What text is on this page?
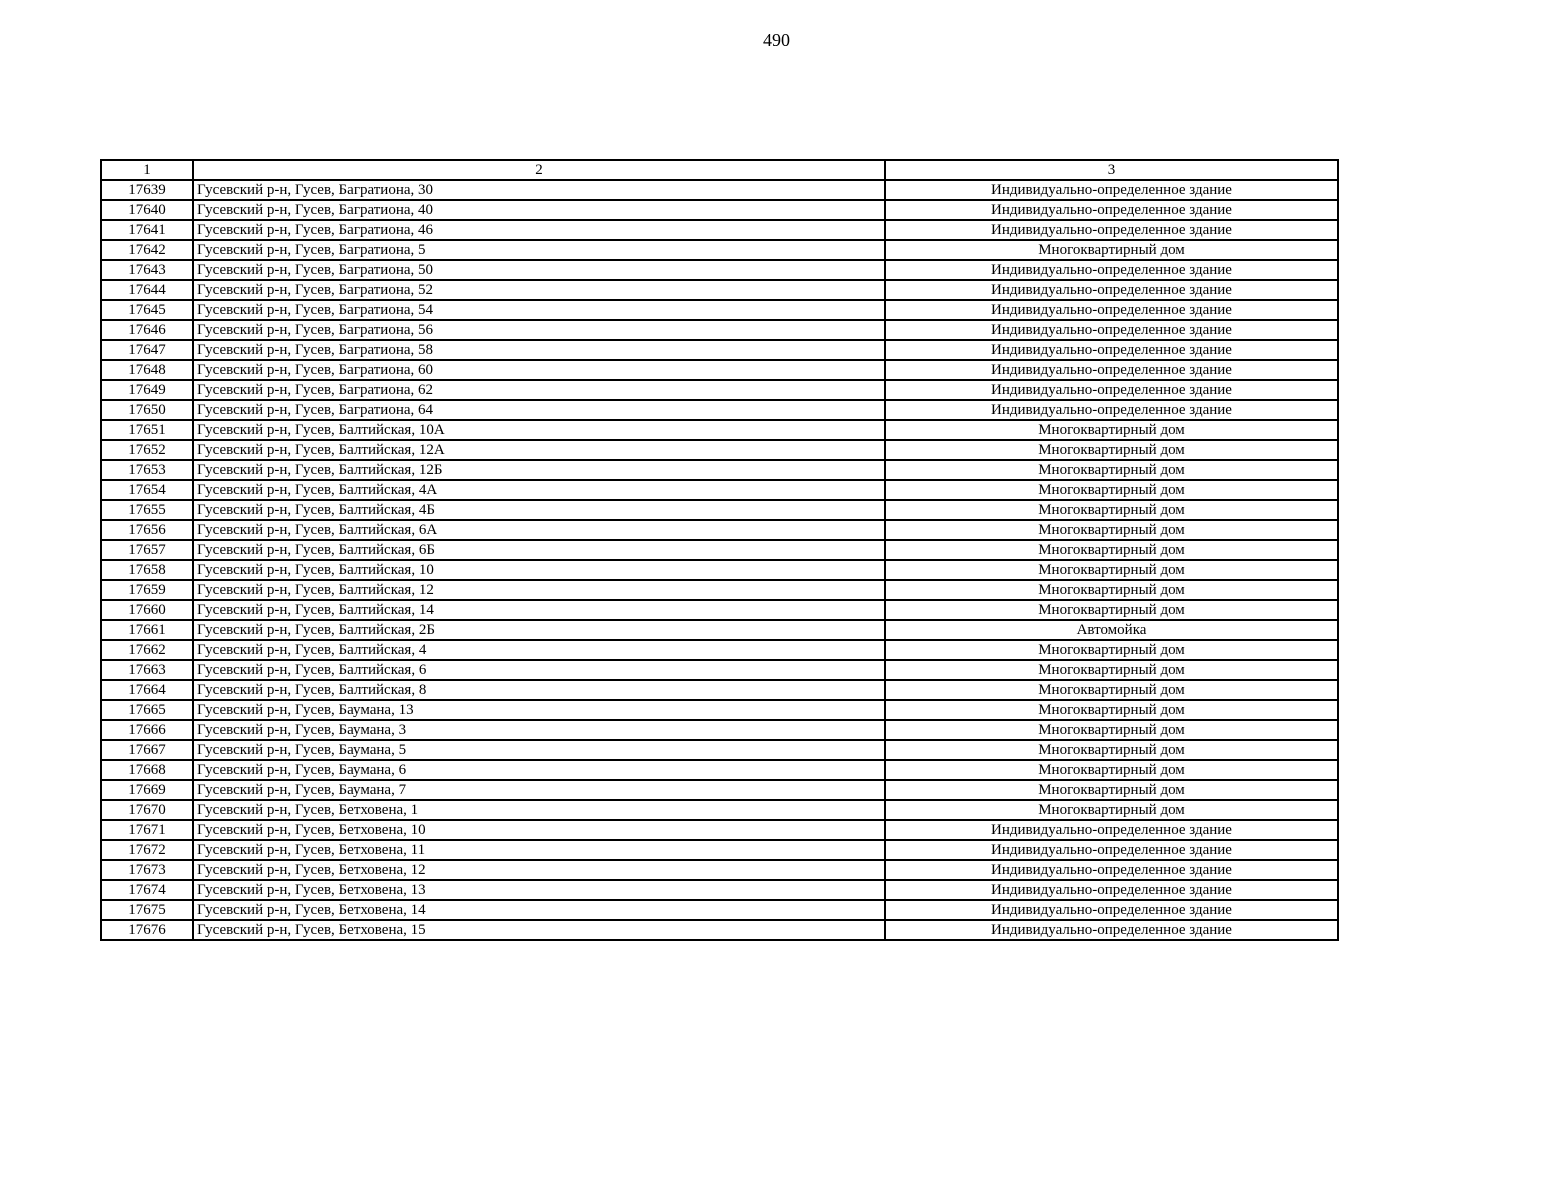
490
1	2	3
17639	Гусевский р-н, Гусев, Багратиона, 30	Индивидуально-определенное здание
17640	Гусевский р-н, Гусев, Багратиона, 40	Индивидуально-определенное здание
17641	Гусевский р-н, Гусев, Багратиона, 46	Индивидуально-определенное здание
17642	Гусевский р-н, Гусев, Багратиона, 5	Многоквартирный дом
17643	Гусевский р-н, Гусев, Багратиона, 50	Индивидуально-определенное здание
17644	Гусевский р-н, Гусев, Багратиона, 52	Индивидуально-определенное здание
17645	Гусевский р-н, Гусев, Багратиона, 54	Индивидуально-определенное здание
17646	Гусевский р-н, Гусев, Багратиона, 56	Индивидуально-определенное здание
17647	Гусевский р-н, Гусев, Багратиона, 58	Индивидуально-определенное здание
17648	Гусевский р-н, Гусев, Багратиона, 60	Индивидуально-определенное здание
17649	Гусевский р-н, Гусев, Багратиона, 62	Индивидуально-определенное здание
17650	Гусевский р-н, Гусев, Багратиона, 64	Индивидуально-определенное здание
17651	Гусевский р-н, Гусев, Балтийская, 10А	Многоквартирный дом
17652	Гусевский р-н, Гусев, Балтийская, 12А	Многоквартирный дом
17653	Гусевский р-н, Гусев, Балтийская, 12Б	Многоквартирный дом
17654	Гусевский р-н, Гусев, Балтийская, 4А	Многоквартирный дом
17655	Гусевский р-н, Гусев, Балтийская, 4Б	Многоквартирный дом
17656	Гусевский р-н, Гусев, Балтийская, 6А	Многоквартирный дом
17657	Гусевский р-н, Гусев, Балтийская, 6Б	Многоквартирный дом
17658	Гусевский р-н, Гусев, Балтийская, 10	Многоквартирный дом
17659	Гусевский р-н, Гусев, Балтийская, 12	Многоквартирный дом
17660	Гусевский р-н, Гусев, Балтийская, 14	Многоквартирный дом
17661	Гусевский р-н, Гусев, Балтийская, 2Б	Автомойка
17662	Гусевский р-н, Гусев, Балтийская, 4	Многоквартирный дом
17663	Гусевский р-н, Гусев, Балтийская, 6	Многоквартирный дом
17664	Гусевский р-н, Гусев, Балтийская, 8	Многоквартирный дом
17665	Гусевский р-н, Гусев, Баумана, 13	Многоквартирный дом
17666	Гусевский р-н, Гусев, Баумана, 3	Многоквартирный дом
17667	Гусевский р-н, Гусев, Баумана, 5	Многоквартирный дом
17668	Гусевский р-н, Гусев, Баумана, 6	Многоквартирный дом
17669	Гусевский р-н, Гусев, Баумана, 7	Многоквартирный дом
17670	Гусевский р-н, Гусев, Бетховена, 1	Многоквартирный дом
17671	Гусевский р-н, Гусев, Бетховена, 10	Индивидуально-определенное здание
17672	Гусевский р-н, Гусев, Бетховена, 11	Индивидуально-определенное здание
17673	Гусевский р-н, Гусев, Бетховена, 12	Индивидуально-определенное здание
17674	Гусевский р-н, Гусев, Бетховена, 13	Индивидуально-определенное здание
17675	Гусевский р-н, Гусев, Бетховена, 14	Индивидуально-определенное здание
17676	Гусевский р-н, Гусев, Бетховена, 15	Индивидуально-определенное здание
